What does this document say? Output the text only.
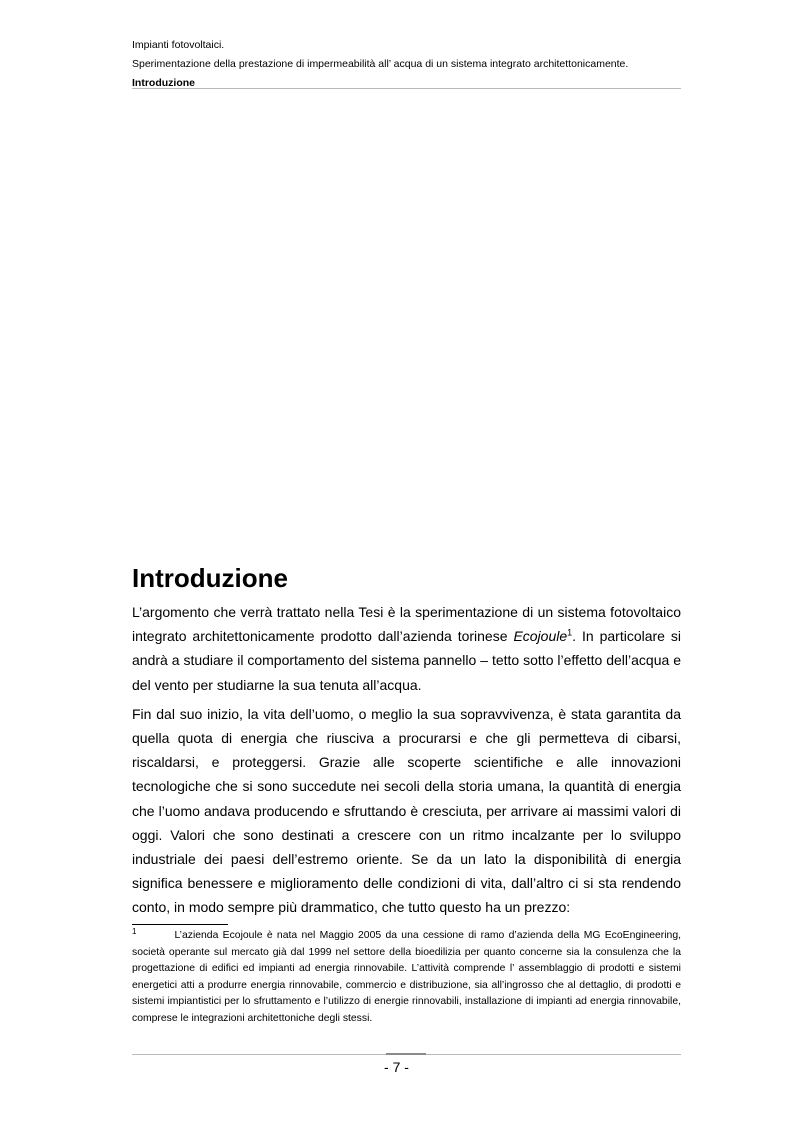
Impianti fotovoltaici.
Sperimentazione della prestazione di impermeabilità all’ acqua di un sistema integrato architettonicamente.
Introduzione
Introduzione

L’argomento che verrà trattato nella Tesi è la sperimentazione di un sistema fotovoltaico integrato architettonicamente prodotto dall’azienda torinese Ecojoule$^1$. In particolare si andrà a studiare il comportamento del sistema pannello – tetto sotto l’effetto dell’acqua e del vento per studiarne la sua tenuta all’acqua.

Fin dal suo inizio, la vita dell’uomo, o meglio la sua sopravvivenza, è stata garantita da quella quota di energia che riusciva a procurarsi e che gli permetteva di cibarsi, riscaldarsi, e proteggersi. Grazie alle scoperte scientifiche e alle innovazioni tecnologiche che si sono succedute nei secoli della storia umana, la quantità di energia che l’uomo andava producendo e sfruttando è cresciuta, per arrivare ai massimi valori di oggi. Valori che sono destinati a crescere con un ritmo incalzante per lo sviluppo industriale dei paesi dell’estremo oriente. Se da un lato la disponibilità di energia significa benessere e miglioramento delle condizioni di vita, dall’altro ci si sta rendendo conto, in modo sempre più drammatico, che tutto questo ha un prezzo:

$^1$	L’azienda Ecojoule è nata nel Maggio 2005 da una cessione di ramo d’azienda della MG EcoEngineering, società operante sul mercato già dal 1999 nel settore della bioedilizia per quanto concerne sia la consulenza che la progettazione di edifici ed impianti ad energia rinnovabile. L’attività comprende l’ assemblaggio di prodotti e sistemi energetici atti a produrre energia rinnovabile, commercio e distribuzione, sia all’ingrosso che al dettaglio, di prodotti e sistemi impiantistici per lo sfruttamento e l’utilizzo di energie rinnovabili, installazione di impianti ad energia rinnovabile, comprese le integrazioni architettoniche degli stessi.
- 7 -
